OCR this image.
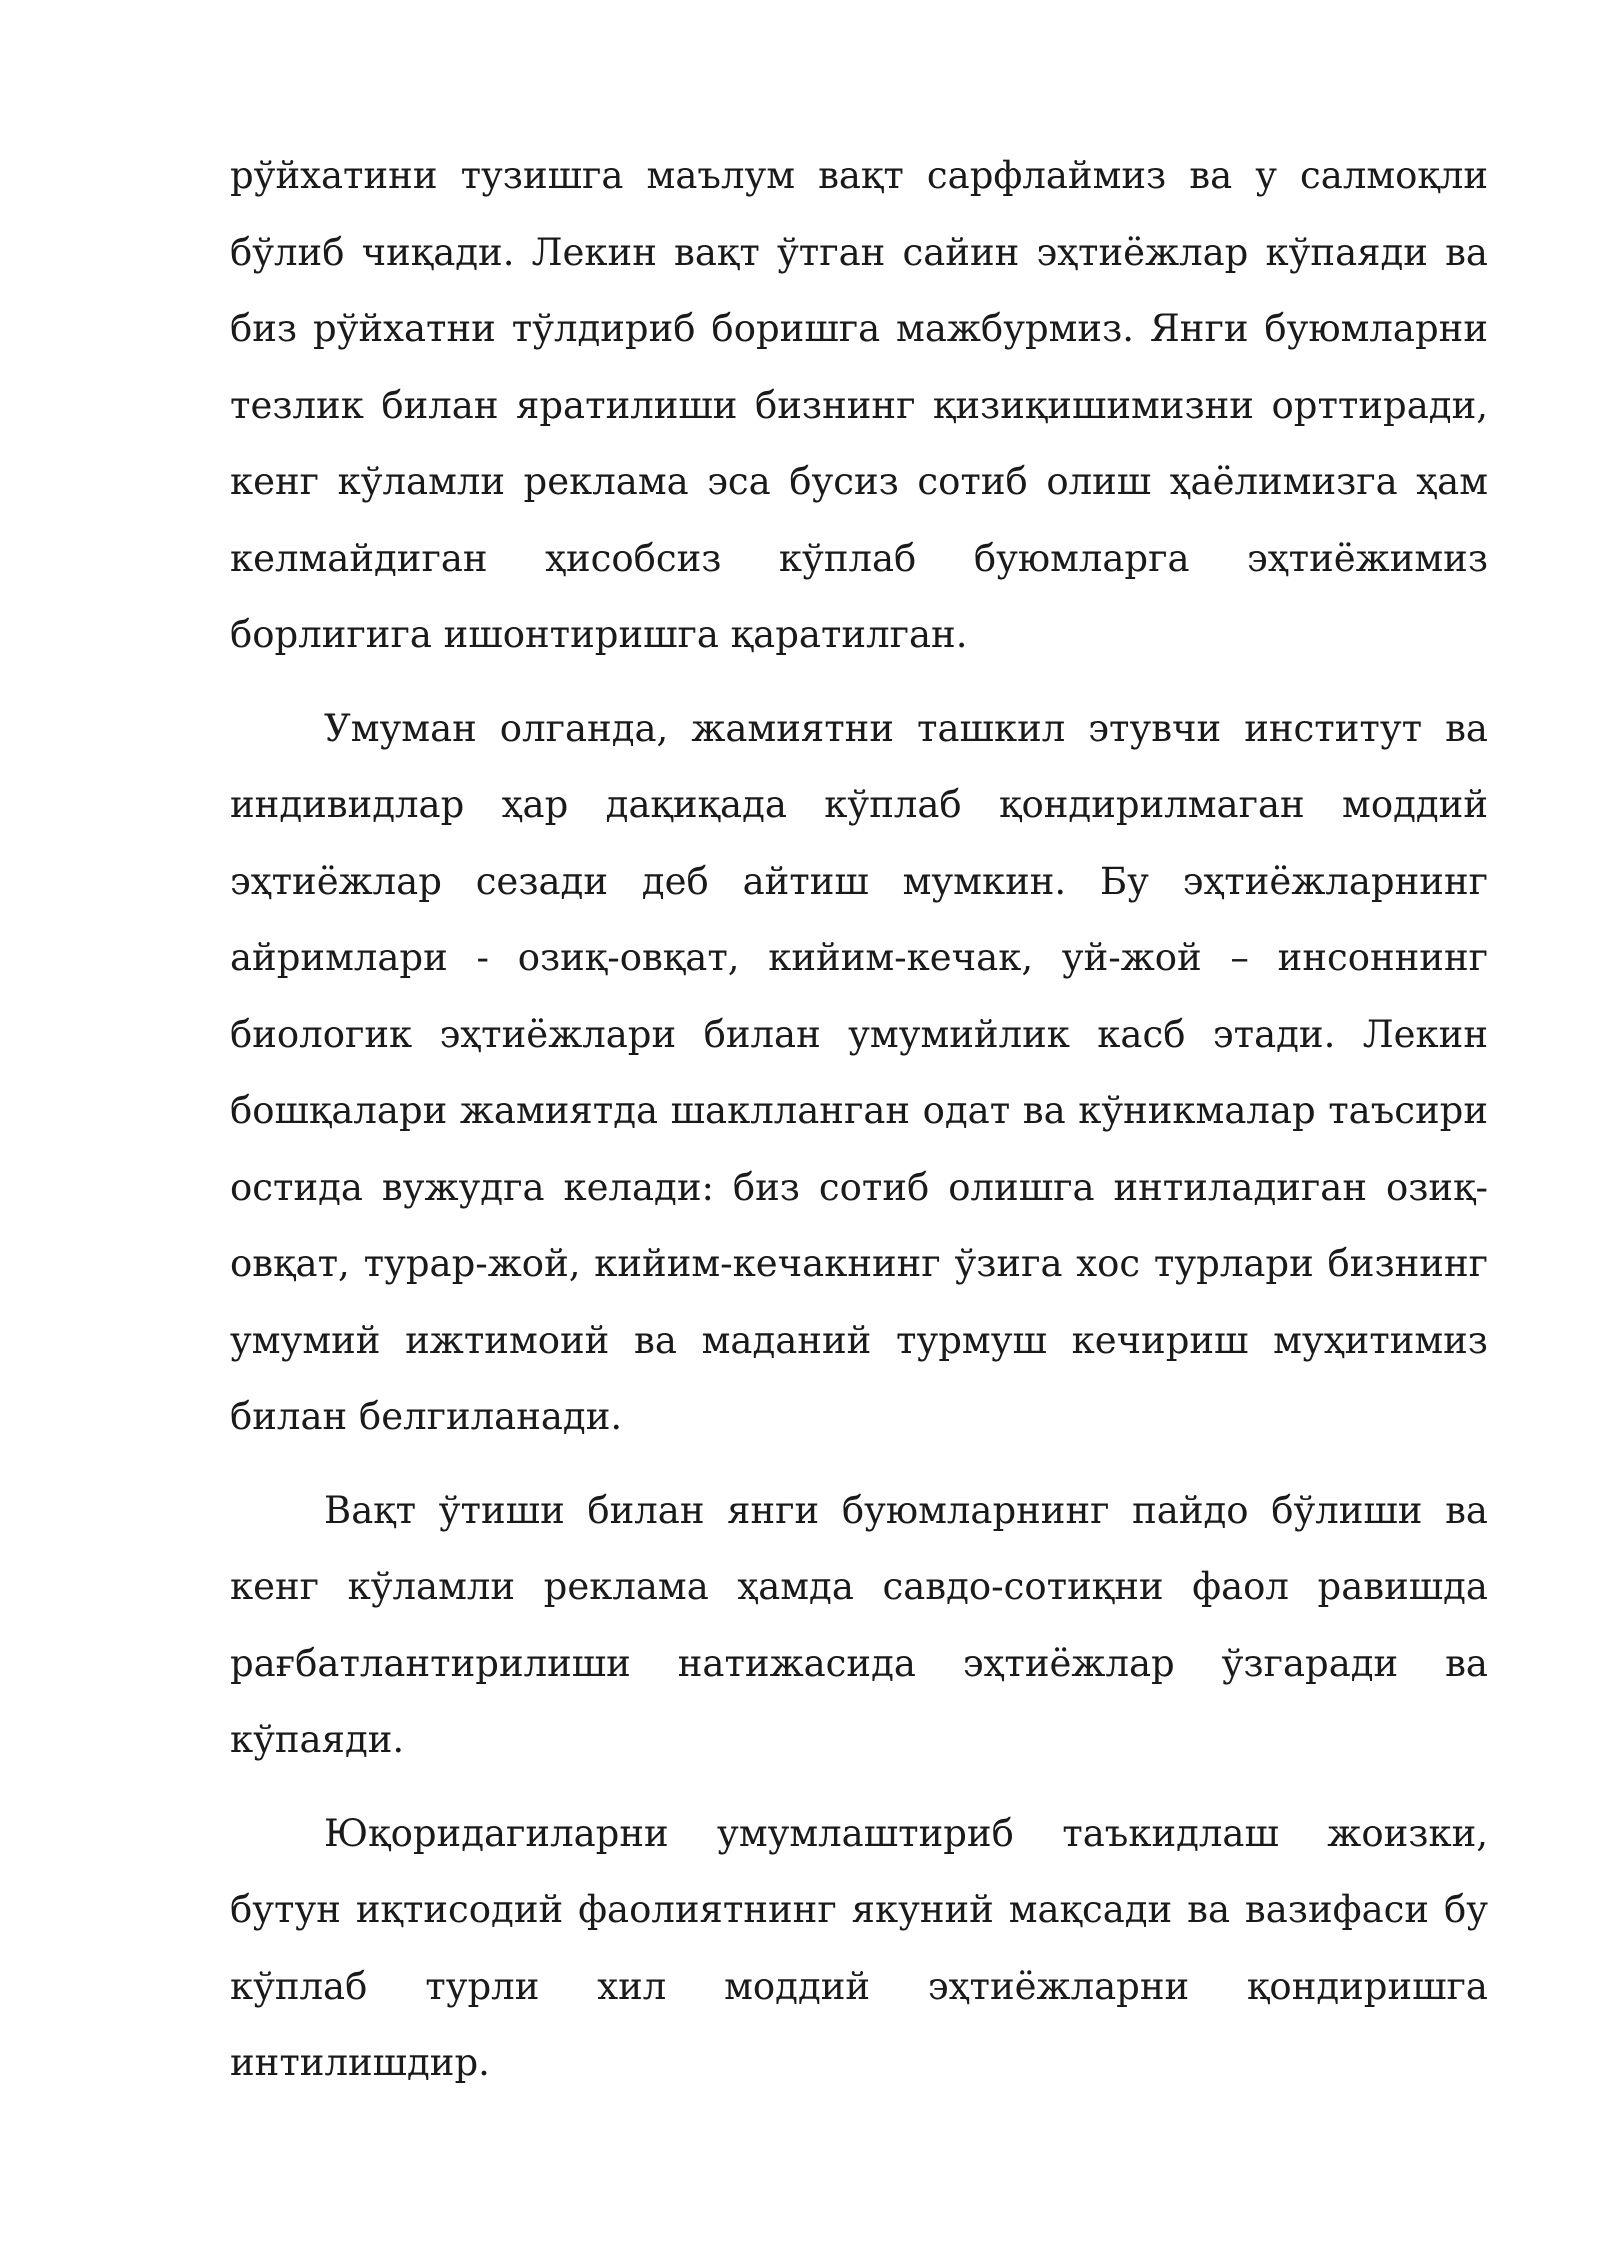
рўйхатини тузишга маълум вақт сарфлаймиз ва у салмоқли бўлиб чиқади. Лекин вақт ўтган сайин эҳтиёжлар кўпаяди ва биз рўйхатни тўлдириб боришга мажбурмиз. Янги буюмларни тезлик билан яратилиши бизнинг қизиқишимизни орттиради, кенг кўламли реклама эса бусиз сотиб олиш ҳаёлимизга ҳам келмайдиган ҳисобсиз кўплаб буюмларга эҳтиёжимиз борлигига ишонтиришга қаратилган.

Умуман олганда, жамиятни ташкил этувчи институт ва индивидлар ҳар дақиқада кўплаб қондирилмаган моддий эҳтиёжлар сезади деб айтиш мумкин. Бу эҳтиёжларнинг айримлари - озиқ-овқат, кийим-кечак, уй-жой – инсоннинг биологик эҳтиёжлари билан умумийлик касб этади. Лекин бошқалари жамиятда шаклланган одат ва кўникмалар таъсири остида вужудга келади: биз сотиб олишга интиладиган озиқ-овқат, турар-жой, кийим-кечакнинг ўзига хос турлари бизнинг умумий ижтимоий ва маданий турмуш кечириш муҳитимиз билан белгиланади.

Вақт ўтиши билан янги буюмларнинг пайдо бўлиши ва кенг кўламли реклама ҳамда савдо-сотиқни фаол равишда рағбатлантирилиши натижасида эҳтиёжлар ўзгаради ва кўпаяди.

Юқоридагиларни умумлаштириб таъкидлаш жоизки, бутун иқтисодий фаолиятнинг якуний мақсади ва вазифаси бу кўплаб турли хил моддий эҳтиёжларни қондиришга интилишдир.
